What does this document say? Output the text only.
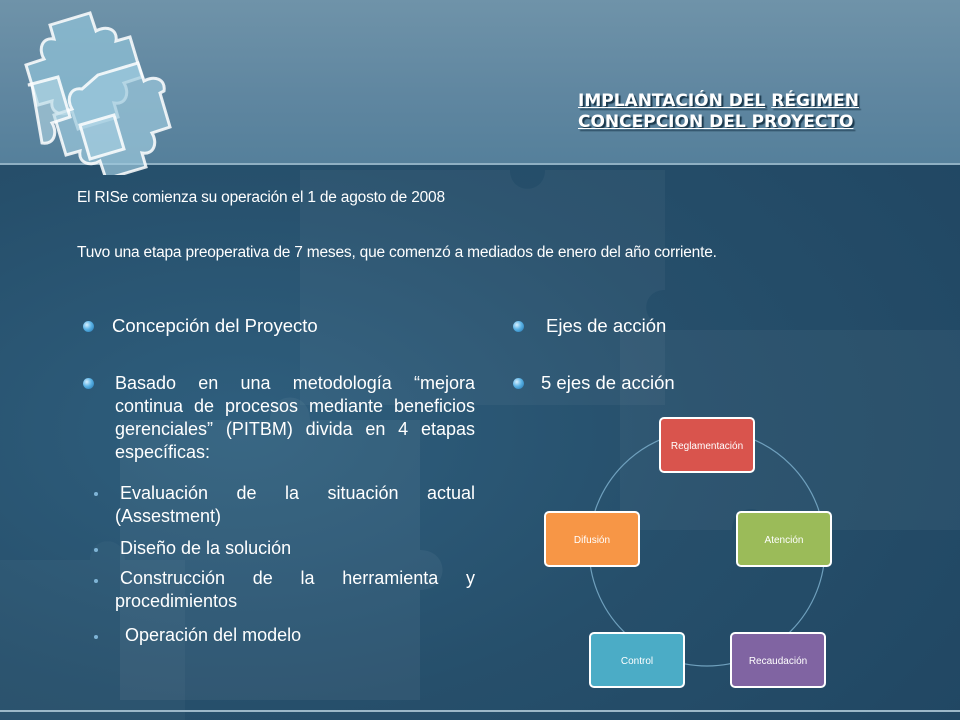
IMPLANTACIÓN DEL RÉGIMEN
CONCEPCION DEL PROYECTO
El RISe comienza su operación el 1 de agosto de 2008
Tuvo una etapa preoperativa de 7 meses, que comenzó a mediados de enero del año corriente.
Concepción del Proyecto
Basado en una metodología “mejora continua de procesos mediante beneficios gerenciales” (PITBM) divida en 4 etapas específicas:
Evaluación de la situación actual (Assestment)
Diseño de la solución
Construcción de la herramienta y procedimientos
Operación del modelo
Ejes de acción
5 ejes de acción
Reglamentación
Atención
Recaudación
Control
Difusión
